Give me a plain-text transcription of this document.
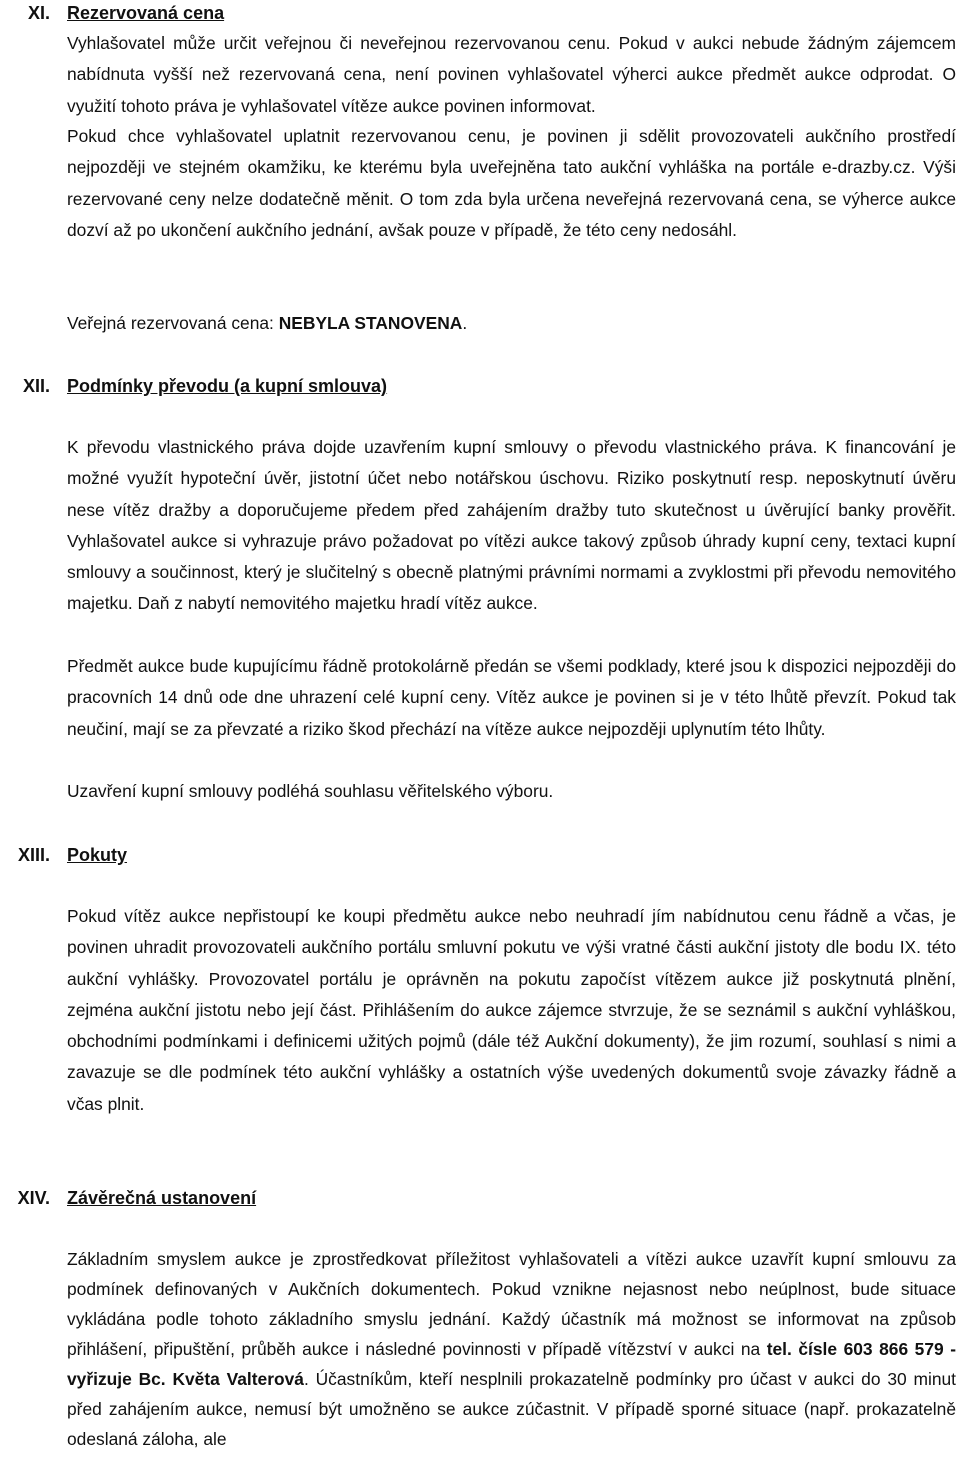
XI. Rezervovaná cena

Vyhlašovatel může určit veřejnou či neveřejnou rezervovanou cenu. Pokud v aukci nebude žádným zájemcem nabídnuta vyšší než rezervovaná cena, není povinen vyhlašovatel výherci aukce předmět aukce odprodat. O využití tohoto práva je vyhlašovatel vítěze aukce povinen informovat.

Pokud chce vyhlašovatel uplatnit rezervovanou cenu, je povinen ji sdělit provozovateli aukčního prostředí nejpozději ve stejném okamžiku, ke kterému byla uveřejněna tato aukční vyhláška na portále e-drazby.cz. Výši rezervované ceny nelze dodatečně měnit. O tom zda byla určena neveřejná rezervovaná cena, se výherce aukce dozví až po ukončení aukčního jednání, avšak pouze v případě, že této ceny nedosáhl.

Veřejná rezervovaná cena: NEBYLA STANOVENA.

XII. Podmínky převodu (a kupní smlouva)

K převodu vlastnického práva dojde uzavřením kupní smlouvy o převodu vlastnického práva. K financování je možné využít hypoteční úvěr, jistotní účet nebo notářskou úschovu. Riziko poskytnutí resp. neposkytnutí úvěru nese vítěz dražby a doporučujeme předem před zahájením dražby tuto skutečnost u úvěrující banky prověřit. Vyhlašovatel aukce si vyhrazuje právo požadovat po vítězi aukce takový způsob úhrady kupní ceny, textaci kupní smlouvy a součinnost, který je slučitelný s obecně platnými právními normami a zvyklostmi při převodu nemovitého majetku. Daň z nabytí nemovitého majetku hradí vítěz aukce.

Předmět aukce bude kupujícímu řádně protokolárně předán se všemi podklady, které jsou k dispozici nejpozději do pracovních 14 dnů ode dne uhrazení celé kupní ceny. Vítěz aukce je povinen si je v této lhůtě převzít. Pokud tak neučiní, mají se za převzaté a riziko škod přechází na vítěze aukce nejpozději uplynutím této lhůty.

Uzavření kupní smlouvy podléhá souhlasu věřitelského výboru.

XIII. Pokuty

Pokud vítěz aukce nepřistoupí ke koupi předmětu aukce nebo neuhradí jím nabídnutou cenu řádně a včas, je povinen uhradit provozovateli aukčního portálu smluvní pokutu ve výši vratné části aukční jistoty dle bodu IX. této aukční vyhlášky. Provozovatel portálu je oprávněn na pokutu započíst vítězem aukce již poskytnutá plnění, zejména aukční jistotu nebo její část. Přihlášením do aukce zájemce stvrzuje, že se seznámil s aukční vyhláškou, obchodními podmínkami i definicemi užitých pojmů (dále též Aukční dokumenty), že jim rozumí, souhlasí s nimi a zavazuje se dle podmínek této aukční vyhlášky a ostatních výše uvedených dokumentů svoje závazky řádně a včas plnit.

XIV. Závěrečná ustanovení

Základním smyslem aukce je zprostředkovat příležitost vyhlašovateli a vítězi aukce uzavřít kupní smlouvu za podmínek definovaných v Aukčních dokumentech. Pokud vznikne nejasnost nebo neúplnost, bude situace vykládána podle tohoto základního smyslu jednání. Každý účastník má možnost se informovat na způsob přihlášení, připuštění, průběh aukce i následné povinnosti v případě vítězství v aukci na tel. čísle 603 866 579 - vyřizuje Bc. Květa Valterová. Účastníkům, kteří nesplnili prokazatelně podmínky pro účast v aukci do 30 minut před zahájením aukce, nemusí být umožněno se aukce zúčastnit. V případě sporné situace (např. prokazatelně odeslaná záloha, ale
